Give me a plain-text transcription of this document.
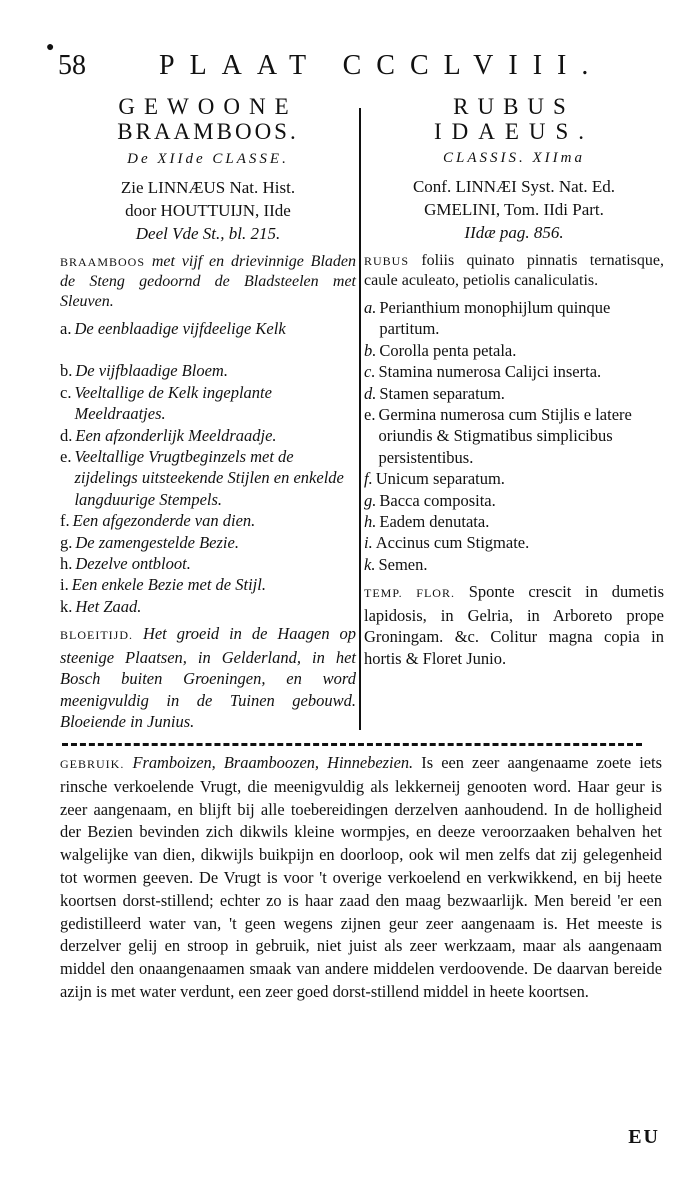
●
58	PLAAT CCCLVIII.
GEWOONE
BRAAMBOOS.
De XIIde CLASSE.
Zie LINNÆUS Nat. Hist.
door HOUTTUIJN, IIde
Deel Vde St., bl. 215.
BRAAMBOOS met vijf en drievinnige Bladen de Steng gedoornd de Bladsteelen met Sleuven.
a. De eenblaadige vijfdeelige Kelk
b. De vijfblaadige Bloem.
c. Veeltallige de Kelk ingeplante Meeldraatjes.
d. Een afzonderlijk Meeldraadje.
e. Veeltallige Vrugtbeginzels met de zijdelings uitsteekende Stijlen en enkelde langduurige Stempels.
f. Een afgezonderde van dien.
g. De zamengestelde Bezie.
h. Dezelve ontbloot.
i. Een enkele Bezie met de Stijl.
k. Het Zaad.
BLOEITIJD. Het groeid in de Haagen op steenige Plaatsen, in Gelderland, in het Bosch buiten Groeningen, en word meenigvuldig in de Tuinen gebouwd. Bloeiende in Junius.
RUBUS
IDAEUS.
CLASSIS. XIIma
Conf. LINNÆI Syst. Nat. Ed.
GMELINI, Tom. IIdi Part.
IIdæ pag. 856.
RUBUS foliis quinato pinnatis ternatisque, caule aculeato, petiolis canaliculatis.
a. Perianthium monophijlum quinque partitum.
b. Corolla penta petala.
c. Stamina numerosa Calijci inserta.
d. Stamen separatum.
e. Germina numerosa cum Stijlis e latere oriundis & Stigmatibus simplicibus persistentibus.
f. Unicum separatum.
g. Bacca composita.
h. Eadem denutata.
i. Accinus cum Stigmate.
k. Semen.
TEMP. FLOR. Sponte crescit in dumetis lapidosis, in Gelria, in Arboreto prope Groningam. &c. Colitur magna copia in hortis & Floret Junio.
GEBRUIK. Framboizen, Braamboozen, Hinnebezien. Is een zeer aangenaame zoete iets rinsche verkoelende Vrugt, die meenigvuldig als lekkerneij genooten word. Haar geur is zeer aangenaam, en blijft bij alle toebereidingen derzelven aanhoudend. In de holligheid der Bezien bevinden zich dikwils kleine wormpjes, en deeze veroorzaaken behalven het walgelijke van dien, dikwijls buikpijn en doorloop, ook wil men zelfs dat zij gelegenheid tot wormen geeven. De Vrugt is voor 't overige verkoelend en verkwikkend, en bij heete koortsen dorst-stillend; echter zo is haar zaad den maag bezwaarlijk. Men bereid 'er een gedistilleerd water van, 't geen wegens zijnen geur zeer aangenaam is. Het meeste is derzelver gelij en stroop in gebruik, niet juist als zeer werkzaam, maar als aangenaam middel den onaangenaamen smaak van andere middelen verdoovende. De daarvan bereide azijn is met water verdunt, een zeer goed dorst-stillend middel in heete koortsen.
EU
